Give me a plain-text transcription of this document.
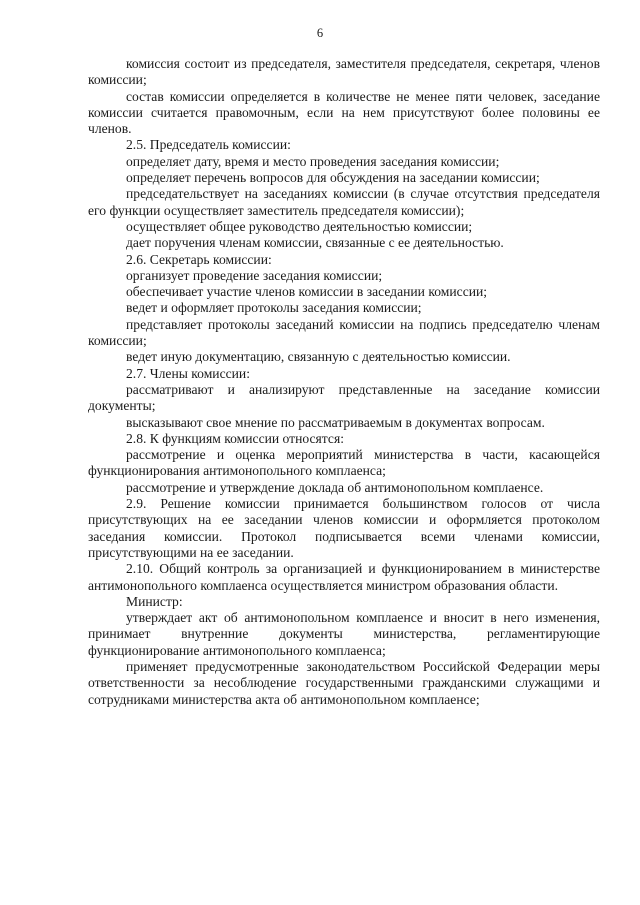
6

комиссия состоит из председателя, заместителя председателя, секретаря, членов комиссии;

состав комиссии определяется в количестве не менее пяти человек, заседание комиссии считается правомочным, если на нем присутствуют более половины ее членов.

2.5. Председатель комиссии:

определяет дату, время и место проведения заседания комиссии;

определяет перечень вопросов для обсуждения на заседании комиссии;

председательствует на заседаниях комиссии (в случае отсутствия председателя его функции осуществляет заместитель председателя комиссии);

осуществляет общее руководство деятельностью комиссии;

дает поручения членам комиссии, связанные с ее деятельностью.

2.6. Секретарь комиссии:

организует проведение заседания комиссии;

обеспечивает участие членов комиссии в заседании комиссии;

ведет и оформляет протоколы заседания комиссии;

представляет протоколы заседаний комиссии на подпись председателю членам комиссии;

ведет иную документацию, связанную с деятельностью комиссии.

2.7. Члены комиссии:

рассматривают и анализируют представленные на заседание комиссии документы;

высказывают свое мнение по рассматриваемым в документах вопросам.

2.8. К функциям комиссии относятся:

рассмотрение и оценка мероприятий министерства в части, касающейся функционирования антимонопольного комплаенса;

рассмотрение и утверждение доклада об антимонопольном комплаенсе.

2.9. Решение комиссии принимается большинством голосов от числа присутствующих на ее заседании членов комиссии и оформляется протоколом заседания комиссии. Протокол подписывается всеми членами комиссии, присутствующими на ее заседании.

2.10. Общий контроль за организацией и функционированием в министерстве антимонопольного комплаенса осуществляется министром образования области.

Министр:

утверждает акт об антимонопольном комплаенсе и вносит в него изменения, принимает внутренние документы министерства, регламентирующие функционирование антимонопольного комплаенса;

применяет предусмотренные законодательством Российской Федерации меры ответственности за несоблюдение государственными гражданскими служащими и сотрудниками министерства акта об антимонопольном комплаенсе;
